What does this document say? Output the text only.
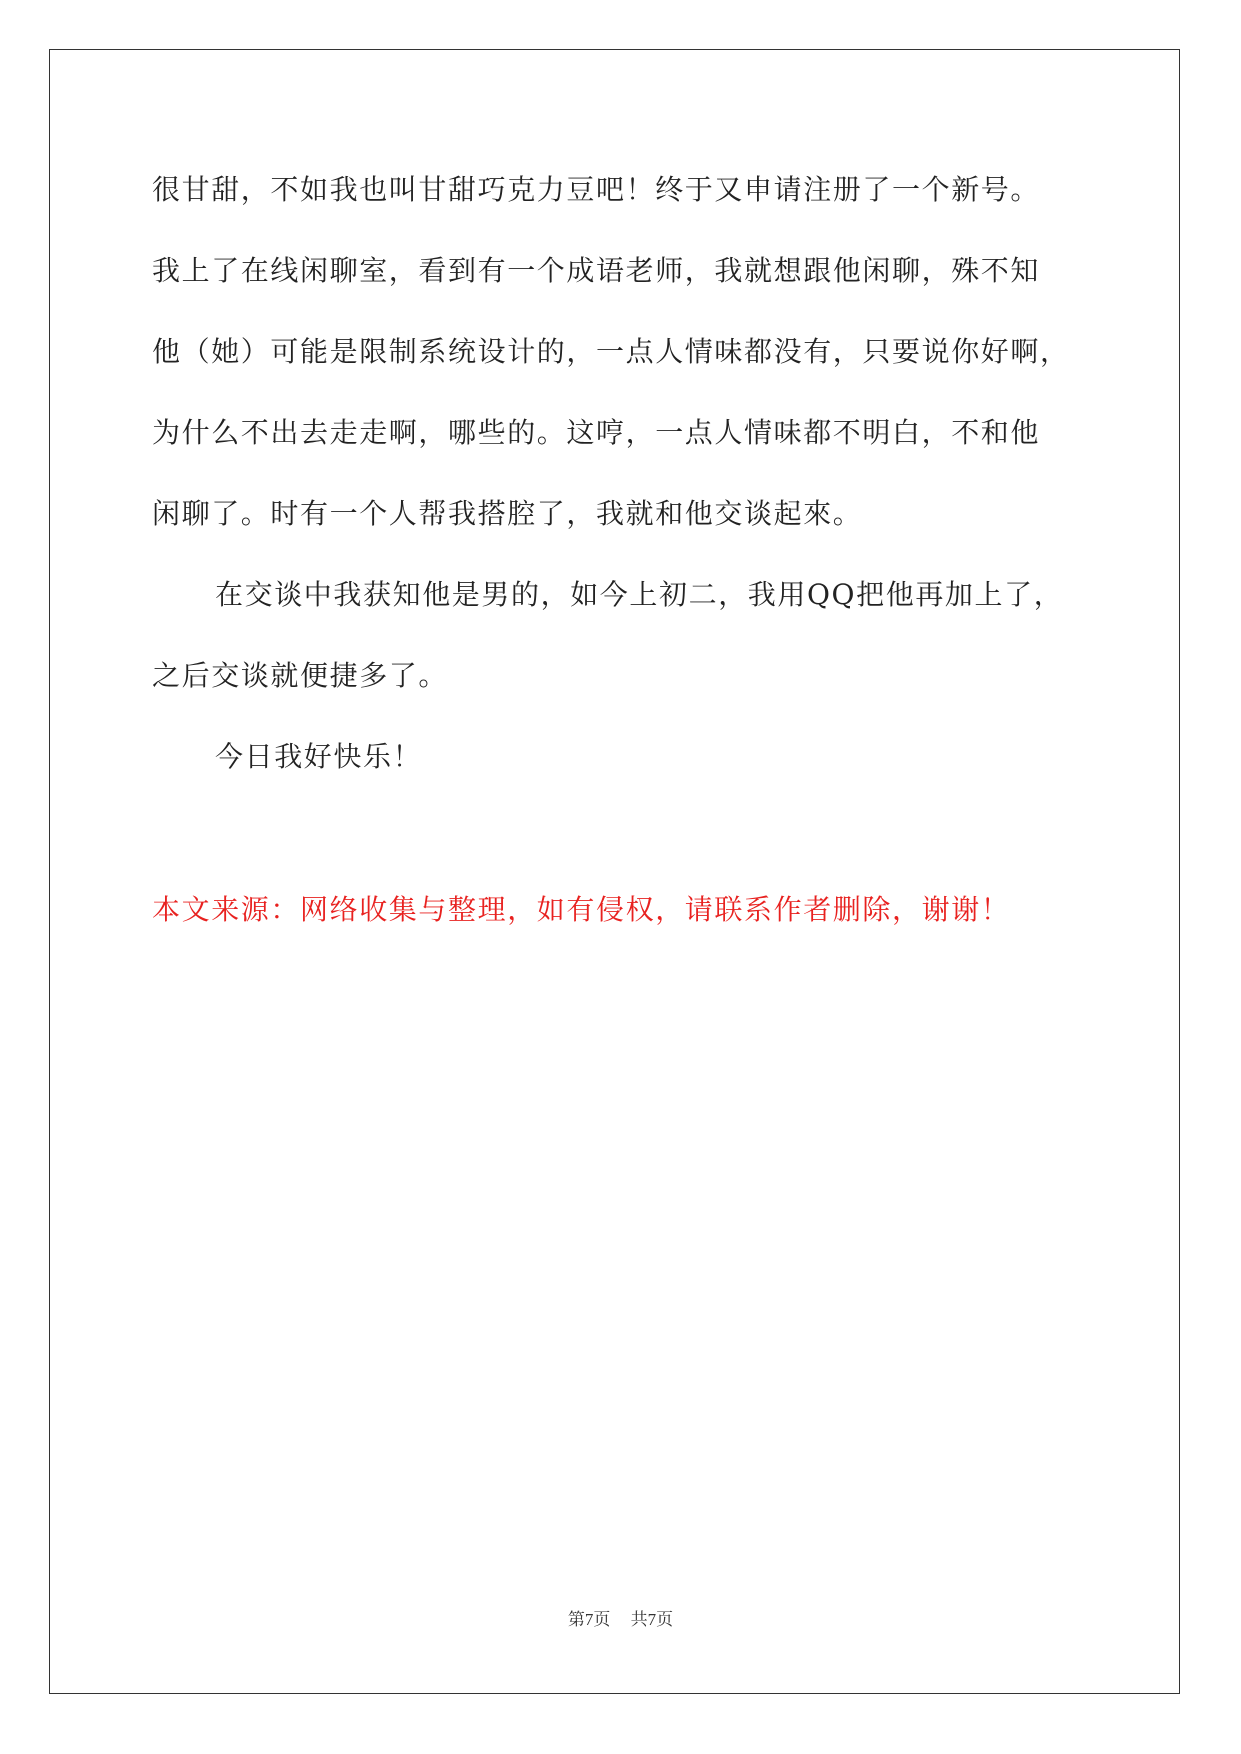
很甘甜，不如我也叫甘甜巧克力豆吧！终于又申请注册了一个新号。
我上了在线闲聊室，看到有一个成语老师，我就想跟他闲聊，殊不知
他（她）可能是限制系统设计的，一点人情味都没有，只要说你好啊，
为什么不出去走走啊，哪些的。这哼，一点人情味都不明白，不和他
闲聊了。时有一个人帮我搭腔了，我就和他交谈起來。
在交谈中我获知他是男的，如今上初二，我用QQ把他再加上了，
之后交谈就便捷多了。
今日我好快乐！
本文来源：网络收集与整理，如有侵权，请联系作者删除，谢谢！
第7页 共7页
